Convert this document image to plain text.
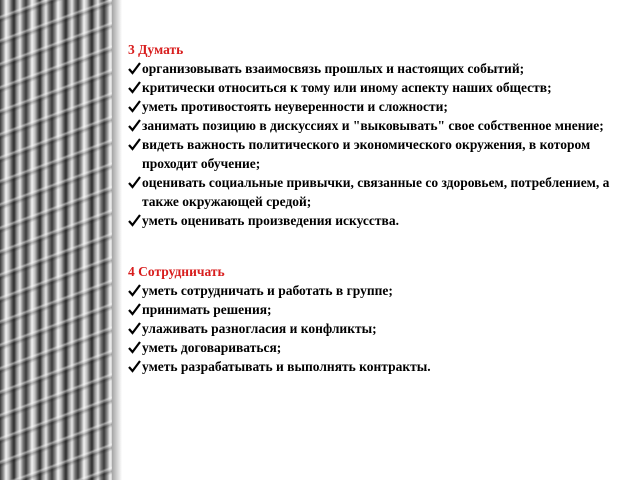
3 Думать

организовывать взаимосвязь прошлых и настоящих событий;
критически относиться к тому или иному аспекту наших обществ;
уметь противостоять неуверенности и сложности;
занимать позицию в дискуссиях и "выковывать" свое собственное мнение;
видеть важность политического и экономического окружения, в котором проходит обучение;
оценивать социальные привычки, связанные со здоровьем, потреблением, а также окружающей средой;
уметь оценивать произведения искусства.

4 Сотрудничать

уметь сотрудничать и работать в группе;
принимать решения;
улаживать разногласия и конфликты;
уметь договариваться;
уметь разрабатывать и выполнять контракты.
